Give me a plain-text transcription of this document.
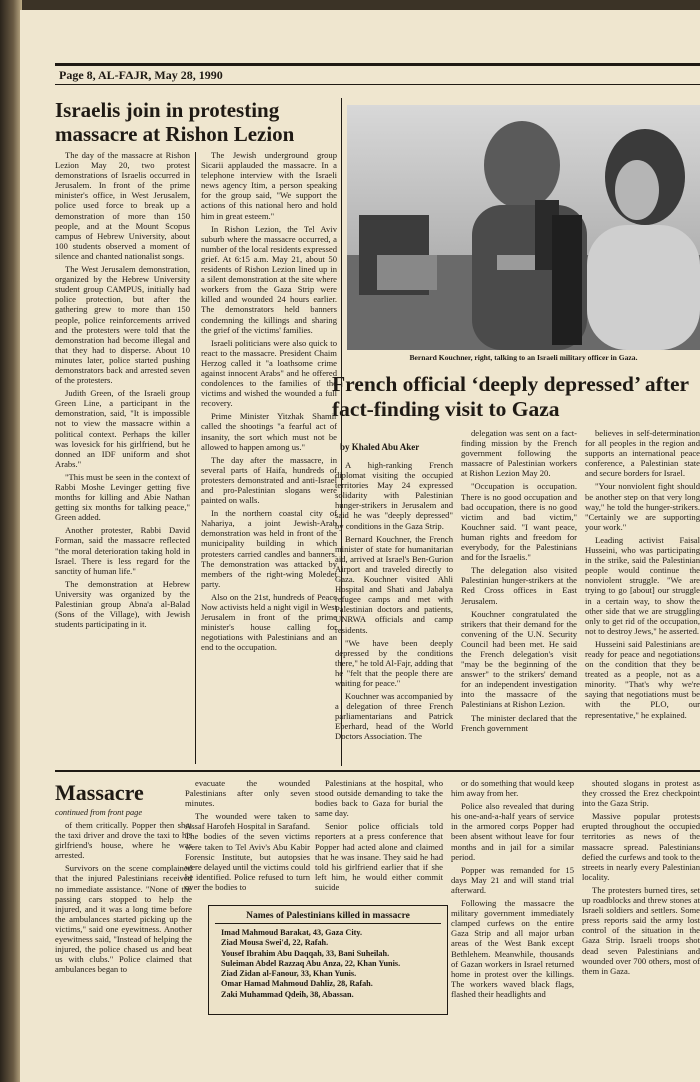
Page 8, AL-FAJR, May 28, 1990
Israelis join in protesting massacre at Rishon Lezion

The day of the massacre at Rishon Lezion May 20, two protest demonstrations of Israelis occurred in Jerusalem. In front of the prime minister's office, in West Jerusalem, police used force to break up a demonstration of more than 150 people, and at the Mount Scopus campus of Hebrew University, about 100 students observed a moment of silence and chanted nationalist songs.

The West Jerusalem demonstration, organized by the Hebrew University student group CAMPUS, initially had police protection, but after the gathering grew to more than 150 people, police reinforcements arrived and the protesters were told that the demonstration had become illegal and that they had to disperse. About 10 minutes later, police started pushing demonstrators back and arrested seven of the protesters.

Judith Green, of the Israeli group Green Line, a participant in the demonstration, said, "It is impossible not to view the massacre within a political context. Perhaps the killer was lovesick for his girlfriend, but he donned an IDF uniform and shot Arabs."

"This must be seen in the context of Rabbi Moshe Levinger getting five months for killing and Abie Nathan getting six months for talking peace," Green added.

Another protester, Rabbi David Forman, said the massacre reflected "the moral deterioration taking hold in Israel. There is less regard for the sanctity of human life."

The demonstration at Hebrew University was organized by the Palestinian group Abna'a al-Balad (Sons of the Village), with Jewish students participating in it.

The Jewish underground group Sicarii applauded the massacre. In a telephone interview with the Israeli news agency Itim, a person speaking for the group said, "We support the actions of this national hero and hold him in great esteem."

In Rishon Lezion, the Tel Aviv suburb where the massacre occurred, a number of the local residents expressed grief. At 6:15 a.m. May 21, about 50 residents of Rishon Lezion lined up in a silent demonstration at the site where workers from the Gaza Strip were killed and wounded 24 hours earlier. The demonstrators held banners condemning the killings and sharing the grief of the victims' families.

Israeli politicians were also quick to react to the massacre. President Chaim Herzog called it "a loathsome crime against innocent Arabs" and he offered condolences to the families of the victims and wished the wounded a full recovery.

Prime Minister Yitzhak Shamir called the shootings "a fearful act of insanity, the sort which must not be allowed to happen among us."

The day after the massacre, in several parts of Haifa, hundreds of protesters demonstrated and anti-Israel and pro-Palestinian slogans were painted on walls.

In the northern coastal city of Nahariya, a joint Jewish-Arab demonstration was held in front of the municipality building in which protesters carried candles and banners. The demonstration was attacked by members of the right-wing Moledet party.

Also on the 21st, hundreds of Peace Now activists held a night vigil in West Jerusalem in front of the prime minister's house calling for negotiations with Palestinians and an end to the occupation.

Bernard Kouchner, right, talking to an Israeli military officer in Gaza.
French official ‘deeply depressed’ after fact-finding visit to Gaza
by Khaled Abu Aker

A high-ranking French diplomat visiting the occupied territories May 24 expressed solidarity with Palestinian hunger-strikers in Jerusalem and said he was "deeply depressed" by conditions in the Gaza Strip.

Bernard Kouchner, the French minister of state for humanitarian aid, arrived at Israel's Ben-Gurion Airport and traveled directly to Gaza. Kouchner visited Ahli Hospital and Shati and Jabalya refugee camps and met with Palestinian doctors and patients, UNRWA officials and camp residents.

"We have been deeply depressed by the conditions there," he told Al-Fajr, adding that he "felt that the people there are waiting for peace."

Kouchner was accompanied by a delegation of three French parliamentarians and Patrick Eberhard, head of the World Doctors Association. The

delegation was sent on a fact-finding mission by the French government following the massacre of Palestinian workers at Rishon Lezion May 20.

"Occupation is occupation. There is no good occupation and bad occupation, there is no good victim and bad victim," Kouchner said. "I want peace, human rights and freedom for everybody, for the Palestinians and for the Israelis."

The delegation also visited Palestinian hunger-strikers at the Red Cross offices in East Jerusalem.

Kouchner congratulated the strikers that their demand for the convening of the U.N. Security Council had been met. He said the French delegation's visit "may be the beginning of the answer" to the strikers' demand for an independent investigation into the massacre of the Palestinians at Rishon Lezion.

The minister declared that the French government

believes in self-determination for all peoples in the region and supports an international peace conference, a Palestinian state and secure borders for Israel.

"Your nonviolent fight should be another step on that very long way," he told the hunger-strikers. "Certainly we are supporting your work."

Leading activist Faisal Husseini, who was participating in the strike, said the Palestinian people would continue the nonviolent struggle. "We are trying to go [about] our struggle in a certain way, to show the other side that we are struggling only to get rid of the occupation, not to destroy Jews," he asserted.

Husseini said Palestinians are ready for peace and negotiations on the condition that they be treated as a people, not as a minority. "That's why we're saying that negotiations must be with the PLO, our representative," he explained.

Massacre
continued from front page

of them critically. Popper then shot the taxi driver and drove the taxi to his girlfriend's house, where he was arrested.

Survivors on the scene complained that the injured Palestinians received no immediate assistance. "None of the passing cars stopped to help the injured, and it was a long time before the ambulances started picking up the victims," said one eyewitness. Another eyewitness said, "Instead of helping the injured, the police chased us and beat us with clubs." Police claimed that ambulances began to

evacuate the wounded Palestinians after only seven minutes.

The wounded were taken to Assaf Harofeh Hospital in Sarafand. The bodies of the seven victims were taken to Tel Aviv's Abu Kabir Forensic Institute, but autopsies were delayed until the victims could be identified. Police refused to turn over the bodies to

Palestinians at the hospital, who stood outside demanding to take the bodies back to Gaza for burial the same day.

Senior police officials told reporters at a press conference that Popper had acted alone and claimed that he was insane. They said he had told his girlfriend earlier that if she left him, he would either commit suicide

or do something that would keep him away from her.

Police also revealed that during his one-and-a-half years of service in the armored corps Popper had been absent without leave for four months and in jail for a similar period.

Popper was remanded for 15 days May 21 and will stand trial afterward.

Following the massacre the military government immediately clamped curfews on the entire Gaza Strip and all major urban areas of the West Bank except Bethlehem. Meanwhile, thousands of Gazan workers in Israel returned home in protest over the killings. The workers waved black flags, flashed their headlights and

shouted slogans in protest as they crossed the Erez checkpoint into the Gaza Strip.

Massive popular protests erupted throughout the occupied territories as news of the massacre spread. Palestinians defied the curfews and took to the streets in nearly every Palestinian locality.

The protesters burned tires, set up roadblocks and threw stones at Israeli soldiers and settlers. Some press reports said the army lost control of the situation in the Gaza Strip. Israeli troops shot dead seven Palestinians and wounded over 700 others, most of them in Gaza.

Names of Palestinians killed in massacre
Imad Mahmoud Barakat, 43, Gaza City.
Ziad Mousa Swei'd, 22, Rafah.
Yousef Ibrahim Abu Daqqah, 33, Bani Suheilah.
Suleiman Abdel Razzaq Abu Anza, 22, Khan Yunis.
Ziad Zidan al-Fanour, 33, Khan Yunis.
Omar Hamad Mahmoud Dahliz, 28, Rafah.
Zaki Muhammad Qdeih, 38, Abassan.
